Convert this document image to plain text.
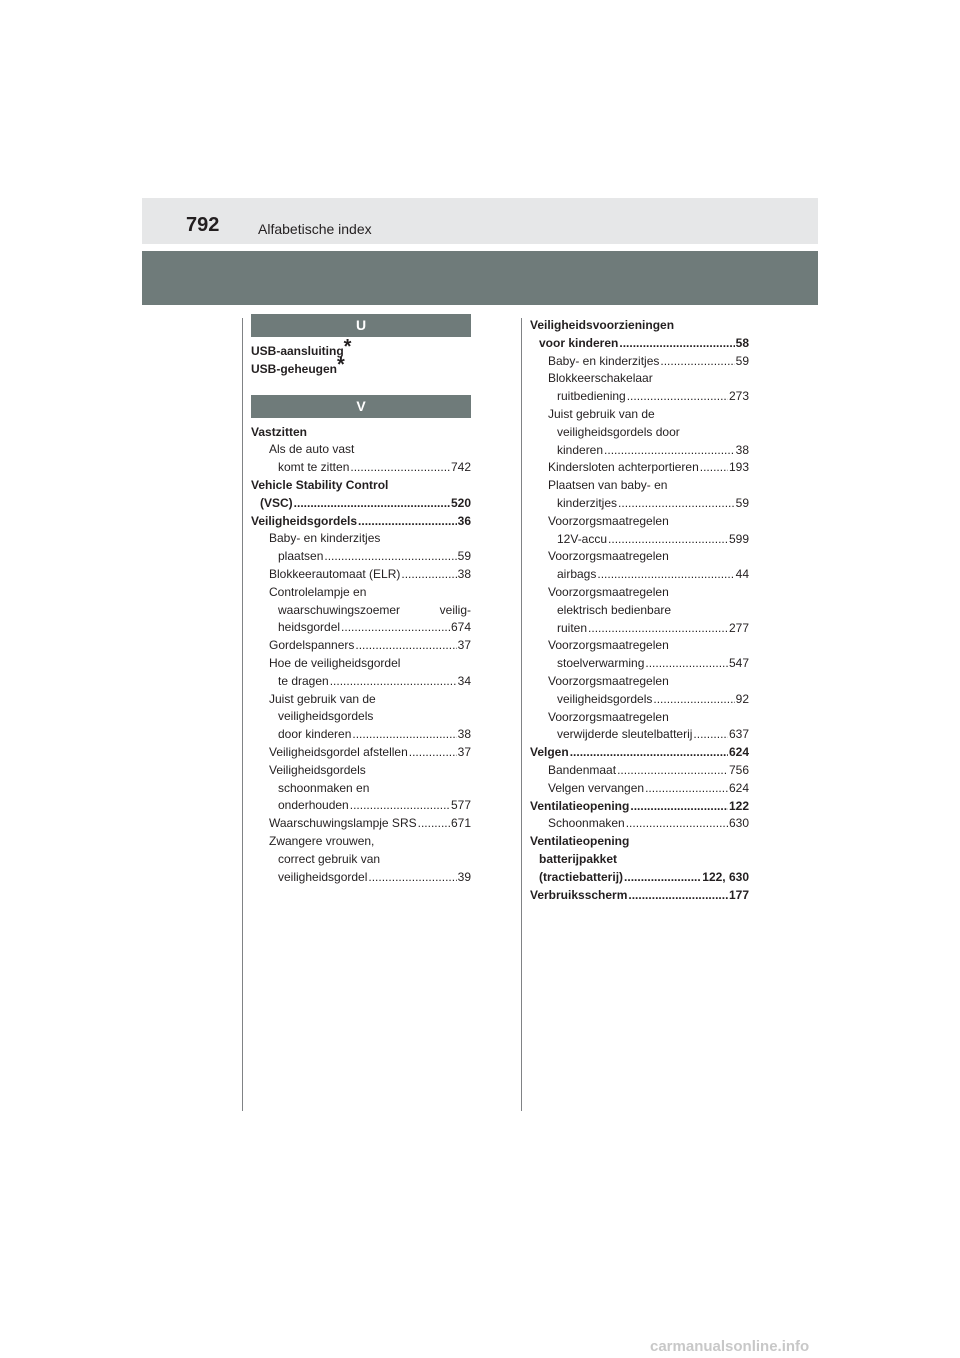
792	Alfabetische index
U
USB-aansluiting*
USB-geheugen*
V
Vastzitten
Als de auto vast
komt te zitten .....	742
Vehicle Stability Control
(VSC) .....	520
Veiligheidsgordels .....	36
Baby- en kinderzitjes
plaatsen .....	59
Blokkeerautomaat (ELR) .....	38
Controlelampje en
waarschuwingszoemer	veilig-
heidsgordel .....	674
Gordelspanners .....	37
Hoe de veiligheidsgordel
te dragen .....	34
Juist gebruik van de
veiligheidsgordels
door kinderen .....	38
Veiligheidsgordel afstellen .....	37
Veiligheidsgordels
schoonmaken en
onderhouden .....	577
Waarschuwingslampje SRS .....	671
Zwangere vrouwen,
correct gebruik van
veiligheidsgordel .....	39
Veiligheidsvoorzieningen
voor kinderen .....	58
Baby- en kinderzitjes .....	59
Blokkeerschakelaar
ruitbediening .....	273
Juist gebruik van de
veiligheidsgordels door
kinderen .....	38
Kindersloten achterportieren .....	193
Plaatsen van baby- en
kinderzitjes .....	59
Voorzorgsmaatregelen
12V-accu .....	599
Voorzorgsmaatregelen
airbags .....	44
Voorzorgsmaatregelen
elektrisch bedienbare
ruiten .....	277
Voorzorgsmaatregelen
stoelverwarming .....	547
Voorzorgsmaatregelen
veiligheidsgordels .....	92
Voorzorgsmaatregelen
verwijderde sleutelbatterij .....	637
Velgen .....	624
Bandenmaat .....	756
Velgen vervangen .....	624
Ventilatieopening .....	122
Schoonmaken .....	630
Ventilatieopening
batterijpakket
(tractiebatterij) .....	122, 630
Verbruiksscherm .....	177
carmanualsonline.info
